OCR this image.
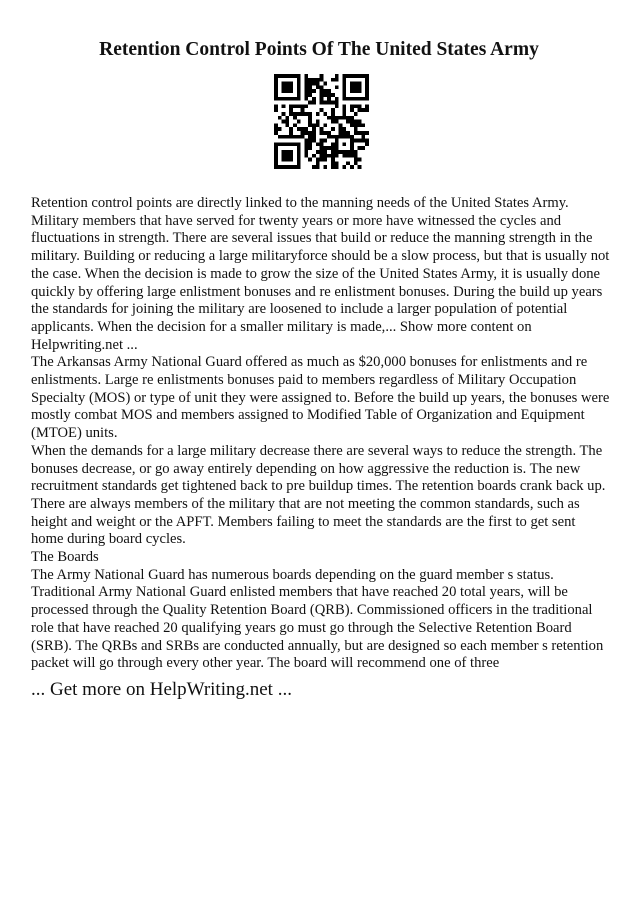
Retention Control Points Of The United States Army

Retention control points are directly linked to the manning needs of the United States Army. Military members that have served for twenty years or more have witnessed the cycles and fluctuations in strength. There are several issues that build or reduce the manning strength in the military. Building or reducing a large militaryforce should be a slow process, but that is usually not the case. When the decision is made to grow the size of the United States Army, it is usually done quickly by offering large enlistment bonuses and re enlistment bonuses. During the build up years the standards for joining the military are loosened to include a larger population of potential applicants. When the decision for a smaller military is made,... Show more content on Helpwriting.net ...

The Arkansas Army National Guard offered as much as $20,000 bonuses for enlistments and re enlistments. Large re enlistments bonuses paid to members regardless of Military Occupation Specialty (MOS) or type of unit they were assigned to. Before the build up years, the bonuses were mostly combat MOS and members assigned to Modified Table of Organization and Equipment (MTOE) units.

When the demands for a large military decrease there are several ways to reduce the strength. The bonuses decrease, or go away entirely depending on how aggressive the reduction is. The new recruitment standards get tightened back to pre buildup times. The retention boards crank back up. There are always members of the military that are not meeting the common standards, such as height and weight or the APFT. Members failing to meet the standards are the first to get sent home during board cycles.

The Boards

The Army National Guard has numerous boards depending on the guard member s status. Traditional Army National Guard enlisted members that have reached 20 total years, will be processed through the Quality Retention Board (QRB). Commissioned officers in the traditional role that have reached 20 qualifying years go must go through the Selective Retention Board (SRB). The QRBs and SRBs are conducted annually, but are designed so each member s retention packet will go through every other year. The board will recommend one of three

... Get more on HelpWriting.net ...
